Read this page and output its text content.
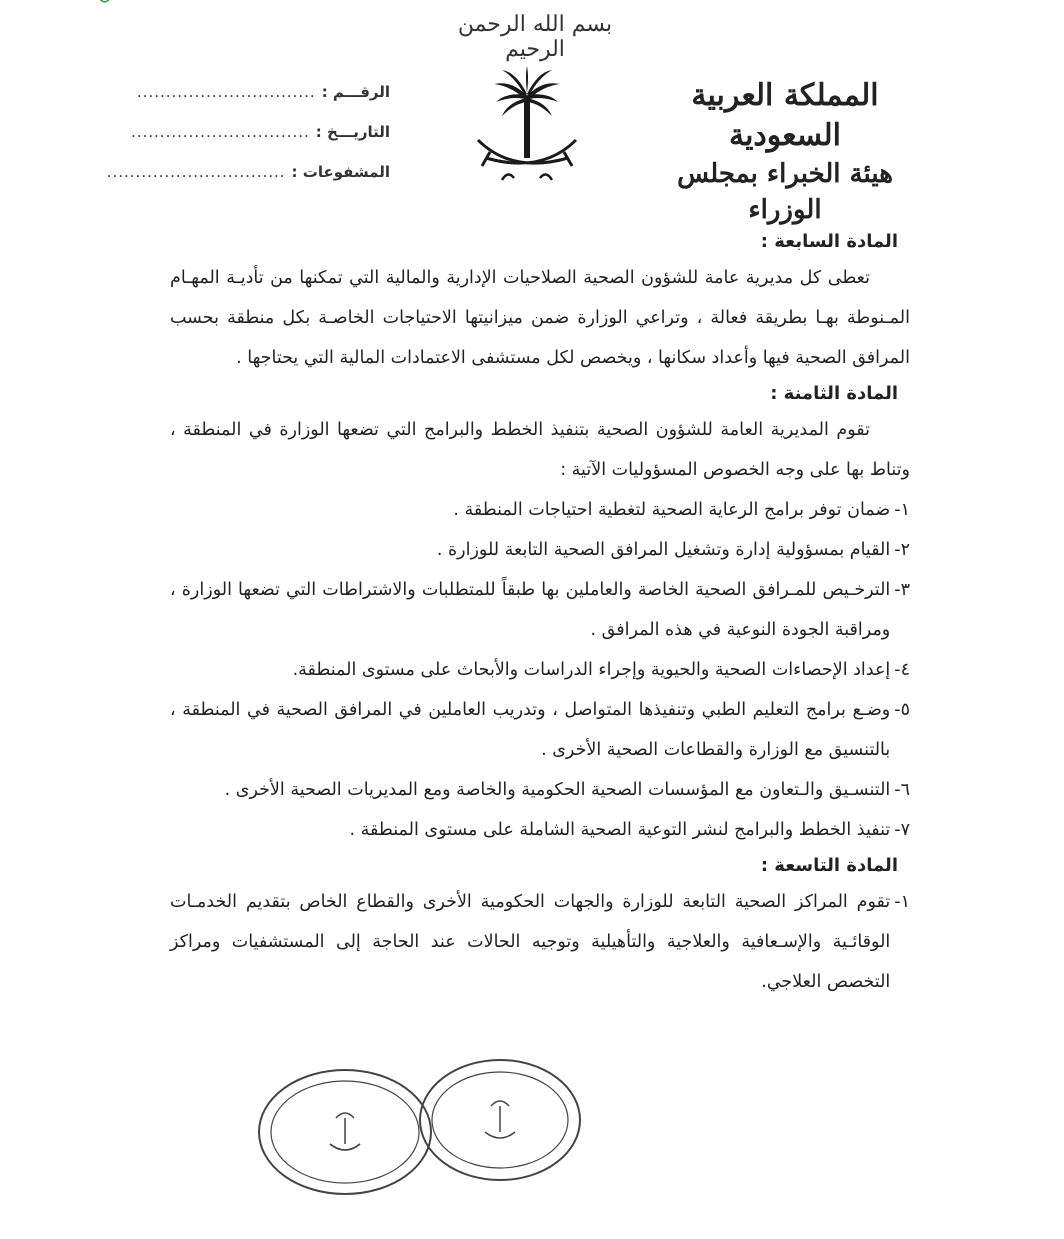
بسم الله الرحمن الرحيم
الرقـــم :
...............................
التاريـــخ :
...............................
المشفوعات :
...............................
المملكة العربية السعودية
هيئة الخبراء بمجلس الوزراء
المادة السابعة :
تعطى كل مديرية عامة للشؤون الصحية الصلاحيات الإدارية والمالية التي تمكنها من تأديـة المهـام المـنوطة بهـا بطريقة فعالة ، وتراعي الوزارة ضمن ميزانيتها الاحتياجات الخاصـة بكل منطقة بحسب المرافق الصحية فيها وأعداد سكانها ، ويخصص لكل مستشفى الاعتمادات المالية التي يحتاجها .
المادة الثامنة :
تقوم المديرية العامة للشؤون الصحية بتنفيذ الخطط والبرامج التي تضعها الوزارة في المنطقة ، وتناط بها على وجه الخصوص المسؤوليات الآتية :
١-
ضمان توفر برامج الرعاية الصحية لتغطية احتياجات المنطقة .
٢-
القيام بمسؤولية إدارة وتشغيل المرافق الصحية التابعة للوزارة .
٣-
الترخـيص للمـرافق الصحية الخاصة والعاملين بها طبقاً للمتطلبات والاشتراطات التي تضعها الوزارة ، ومراقبة الجودة النوعية في هذه المرافق .
٤-
إعداد الإحصاءات الصحية والحيوية وإجراء الدراسات والأبحاث على مستوى المنطقة.
٥-
وضـع برامج التعليم الطبي وتنفيذها المتواصل ، وتدريب العاملين في المرافق الصحية في المنطقة ، بالتنسيق مع الوزارة والقطاعات الصحية الأخرى .
٦-
التنسـيق والـتعاون مع المؤسسات الصحية الحكومية والخاصة ومع المديريات الصحية الأخرى .
٧-
تنفيذ الخطط والبرامج لنشر التوعية الصحية الشاملة على مستوى المنطقة .
المادة التاسعة :
١-
تقوم المراكز الصحية التابعة للوزارة والجهات الحكومية الأخرى والقطاع الخاص بتقديم الخدمـات الوقائـية والإسـعافية والعلاجية والتأهيلية وتوجيه الحالات عند الحاجة إلى المستشفيات ومراكز التخصص العلاجي.
